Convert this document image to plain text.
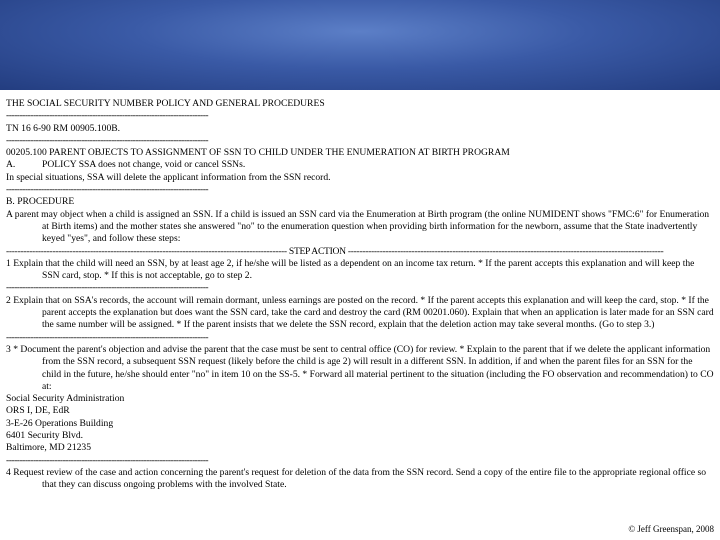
THE SOCIAL SECURITY NUMBER POLICY AND GENERAL PROCEDURES
---------------------------------------------------------------------------
TN 16 6-90 RM 00905.100B.
---------------------------------------------------------------------------
00205.100 PARENT OBJECTS TO ASSIGNMENT OF SSN TO CHILD UNDER THE ENUMERATION AT BIRTH PROGRAM
A.	POLICY SSA does not change, void or cancel SSNs.
In special situations, SSA will delete the applicant information from the SSN record.
---------------------------------------------------------------------------
B. PROCEDURE
A parent may object when a child is assigned an SSN. If a child is issued an SSN card via the Enumeration at Birth program (the online NUMIDENT shows "FMC:6" for Enumeration at Birth items) and the mother states she answered "no" to the enumeration question when providing birth information for the newborn, assume that the State inadvertently keyed "yes", and follow these steps:
------------------------------------------------------------------------------------------------- STEP ACTION -------------------------------------------------------------------------------------------------------------
1 Explain that the child will need an SSN, by at least age 2, if he/she will be listed as a dependent on an income tax return. * If the parent accepts this explanation and will keep the SSN card, stop. * If this is not acceptable, go to step 2.
---------------------------------------------------------------------------
2 Explain that on SSA's records, the account will remain dormant, unless earnings are posted on the record. * If the parent accepts this explanation and will keep the card, stop. * If the parent accepts the explanation but does want the SSN card, take the card and destroy the card (RM 00201.060). Explain that when an application is later made for an SSN card the same number will be assigned. * If the parent insists that we delete the SSN record, explain that the deletion action may take several months. (Go to step 3.)
---------------------------------------------------------------------------
3 * Document the parent's objection and advise the parent that the case must be sent to central office (CO) for review. * Explain to the parent that if we delete the applicant information from the SSN record, a subsequent SSN request (likely before the child is age 2) will result in a different SSN. In addition, if and when the parent files for an SSN for the child in the future, he/she should enter "no" in item 10 on the SS-5. * Forward all material pertinent to the situation (including the FO observation and recommendation) to CO at:
Social Security Administration
ORS I, DE, EdR
3-E-26 Operations Building
6401 Security Blvd.
Baltimore, MD 21235
---------------------------------------------------------------------------
4 Request review of the case and action concerning the parent's request for deletion of the data from the SSN record. Send a copy of the entire file to the appropriate regional office so that they can discuss ongoing problems with the involved State.
© Jeff Greenspan, 2008
